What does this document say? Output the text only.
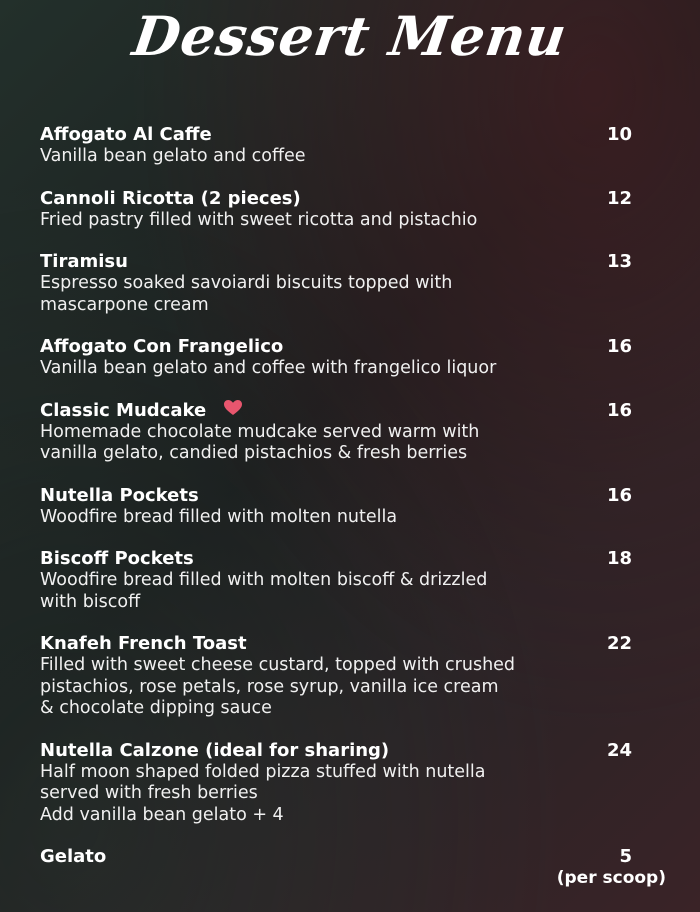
Dessert Menu
Affogato Al Caffe	10
Vanilla bean gelato and coffee
Cannoli Ricotta (2 pieces)	12
Fried pastry filled with sweet ricotta and pistachio
Tiramisu	13
Espresso soaked savoiardi biscuits topped with
mascarpone cream
Affogato Con Frangelico	16
Vanilla bean gelato and coffee with frangelico liquor
Classic Mudcake	16
Homemade chocolate mudcake served warm with
vanilla gelato, candied pistachios & fresh berries
Nutella Pockets	16
Woodfire bread filled with molten nutella
Biscoff Pockets	18
Woodfire bread filled with molten biscoff & drizzled
with biscoff
Knafeh French Toast	22
Filled with sweet cheese custard, topped with crushed
pistachios, rose petals, rose syrup, vanilla ice cream
& chocolate dipping sauce
Nutella Calzone (ideal for sharing)	24
Half moon shaped folded pizza stuffed with nutella
served with fresh berries
Add vanilla bean gelato + 4
Gelato	5
(per scoop)
